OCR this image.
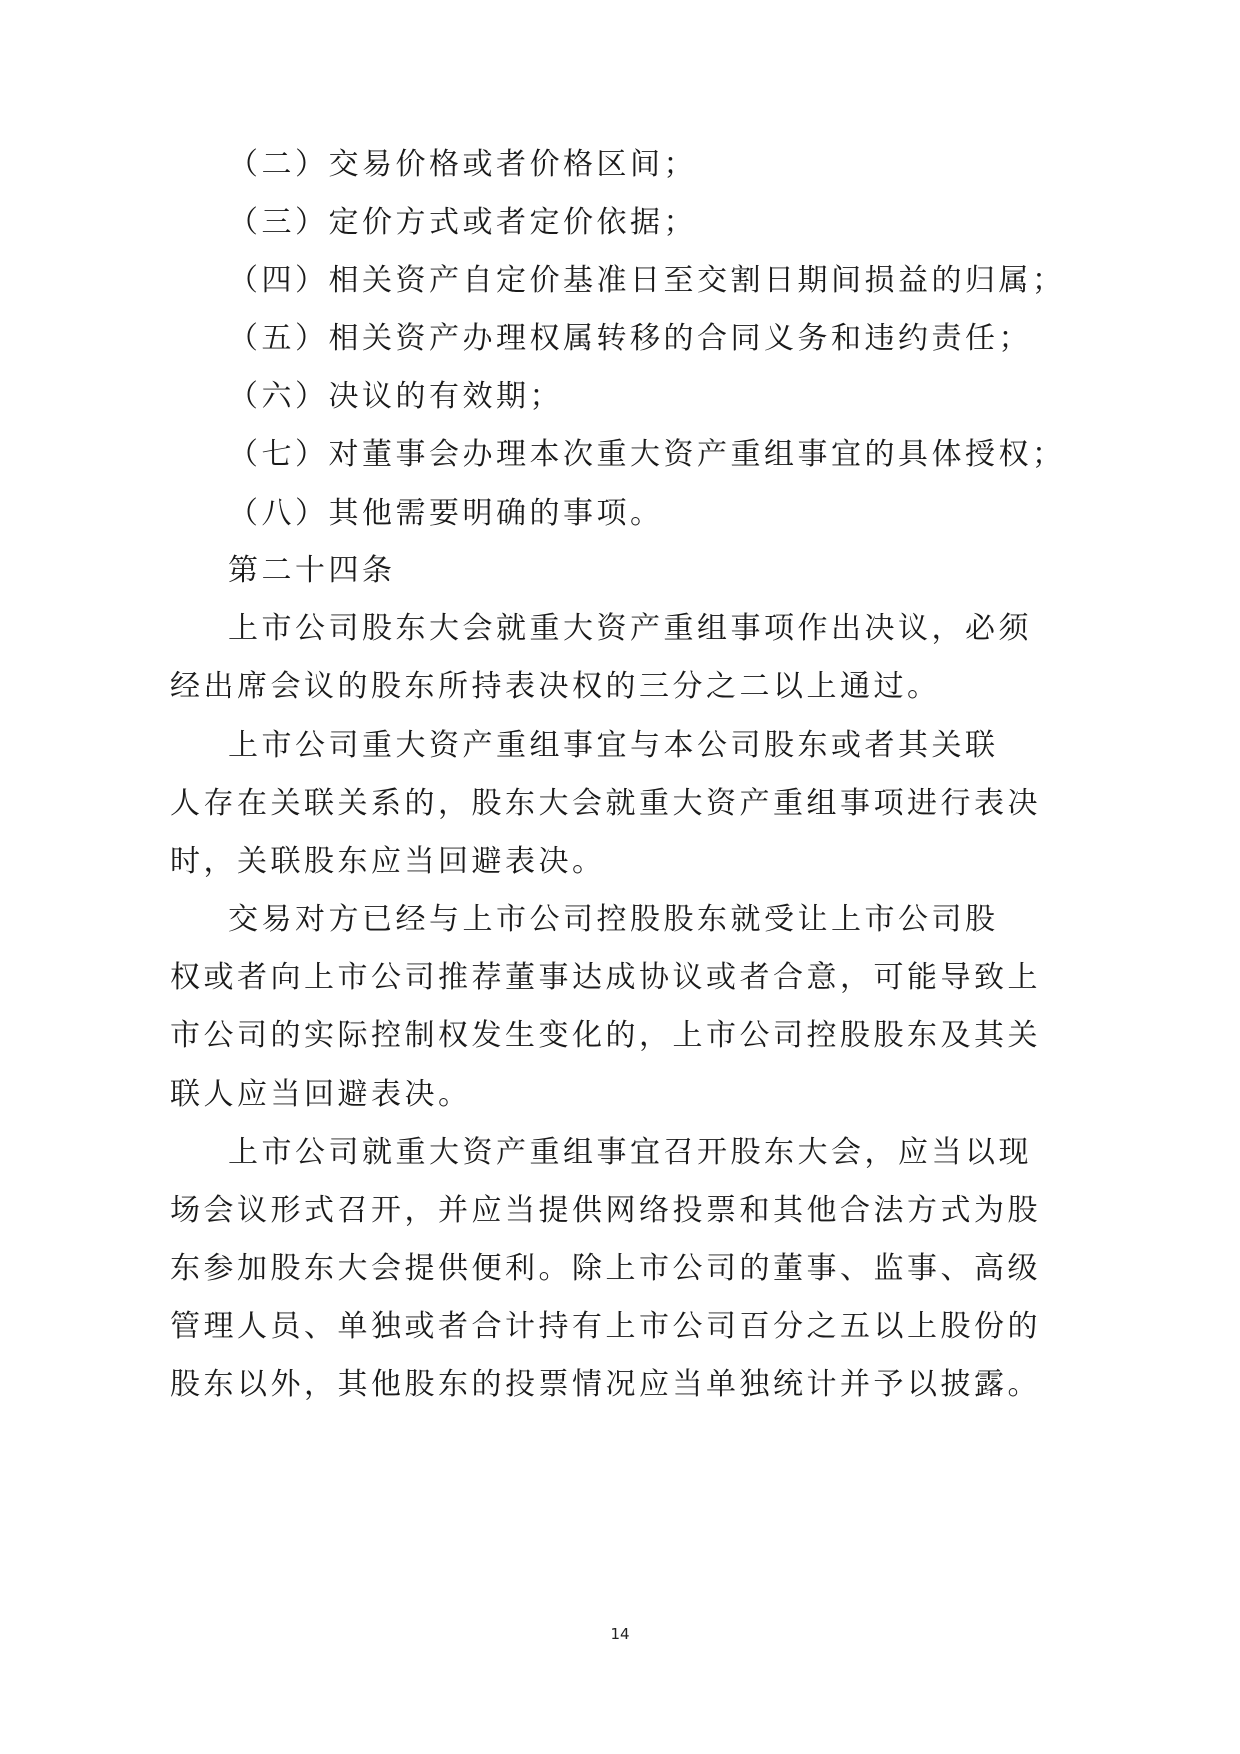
（二）交易价格或者价格区间；
（三）定价方式或者定价依据；
（四）相关资产自定价基准日至交割日期间损益的归属；
（五）相关资产办理权属转移的合同义务和违约责任；
（六）决议的有效期；
（七）对董事会办理本次重大资产重组事宜的具体授权；
（八）其他需要明确的事项。
第二十四条
上市公司股东大会就重大资产重组事项作出决议，必须
经出席会议的股东所持表决权的三分之二以上通过。
上市公司重大资产重组事宜与本公司股东或者其关联
人存在关联关系的，股东大会就重大资产重组事项进行表决
时，关联股东应当回避表决。
交易对方已经与上市公司控股股东就受让上市公司股
权或者向上市公司推荐董事达成协议或者合意，可能导致上
市公司的实际控制权发生变化的，上市公司控股股东及其关
联人应当回避表决。
上市公司就重大资产重组事宜召开股东大会，应当以现
场会议形式召开，并应当提供网络投票和其他合法方式为股
东参加股东大会提供便利。除上市公司的董事、监事、高级
管理人员、单独或者合计持有上市公司百分之五以上股份的
股东以外，其他股东的投票情况应当单独统计并予以披露。
14
